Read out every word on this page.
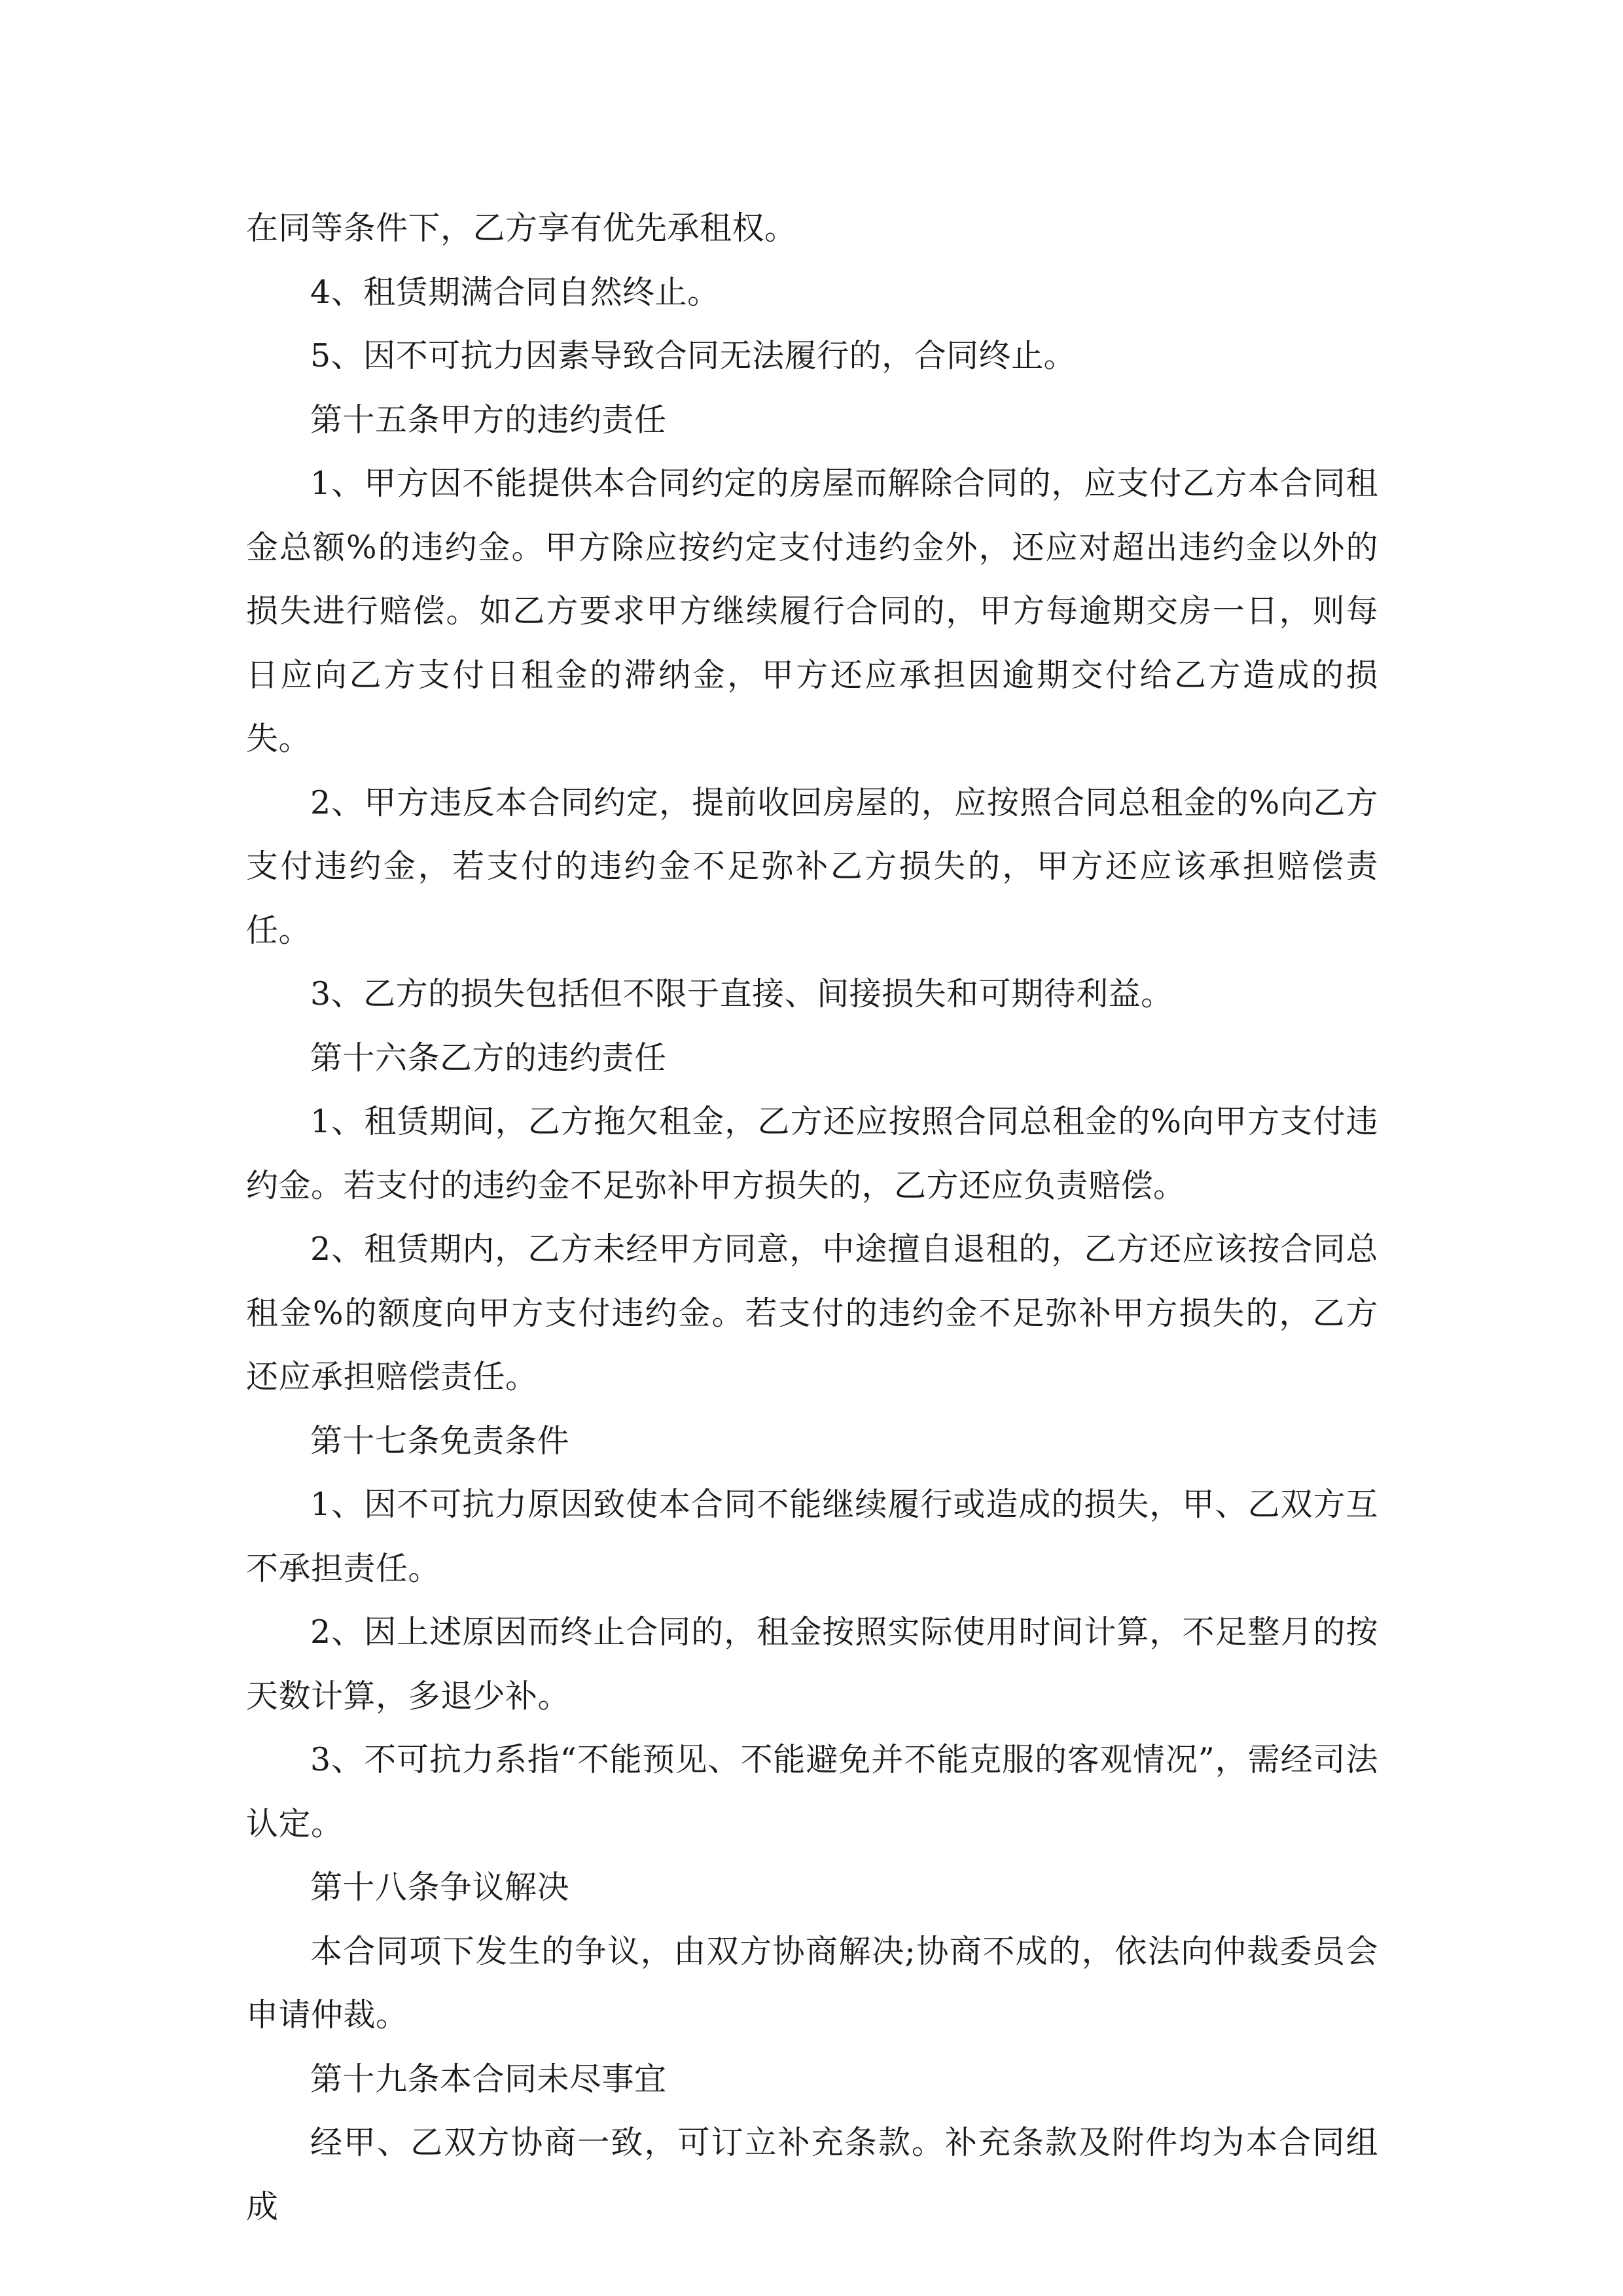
在同等条件下，乙方享有优先承租权。

4、租赁期满合同自然终止。

5、因不可抗力因素导致合同无法履行的，合同终止。

第十五条甲方的违约责任

1、甲方因不能提供本合同约定的房屋而解除合同的，应支付乙方本合同租金总额%的违约金。甲方除应按约定支付违约金外，还应对超出违约金以外的损失进行赔偿。如乙方要求甲方继续履行合同的，甲方每逾期交房一日，则每日应向乙方支付日租金的滞纳金，甲方还应承担因逾期交付给乙方造成的损失。

2、甲方违反本合同约定，提前收回房屋的，应按照合同总租金的%向乙方支付违约金，若支付的违约金不足弥补乙方损失的，甲方还应该承担赔偿责任。

3、乙方的损失包括但不限于直接、间接损失和可期待利益。

第十六条乙方的违约责任

1、租赁期间，乙方拖欠租金，乙方还应按照合同总租金的%向甲方支付违约金。若支付的违约金不足弥补甲方损失的，乙方还应负责赔偿。

2、租赁期内，乙方未经甲方同意，中途擅自退租的，乙方还应该按合同总租金%的额度向甲方支付违约金。若支付的违约金不足弥补甲方损失的，乙方还应承担赔偿责任。

第十七条免责条件

1、因不可抗力原因致使本合同不能继续履行或造成的损失，甲、乙双方互不承担责任。

2、因上述原因而终止合同的，租金按照实际使用时间计算，不足整月的按天数计算，多退少补。

3、不可抗力系指“不能预见、不能避免并不能克服的客观情况”，需经司法认定。

第十八条争议解决

本合同项下发生的争议，由双方协商解决;协商不成的，依法向仲裁委员会申请仲裁。

第十九条本合同未尽事宜

经甲、乙双方协商一致，可订立补充条款。补充条款及附件均为本合同组成
